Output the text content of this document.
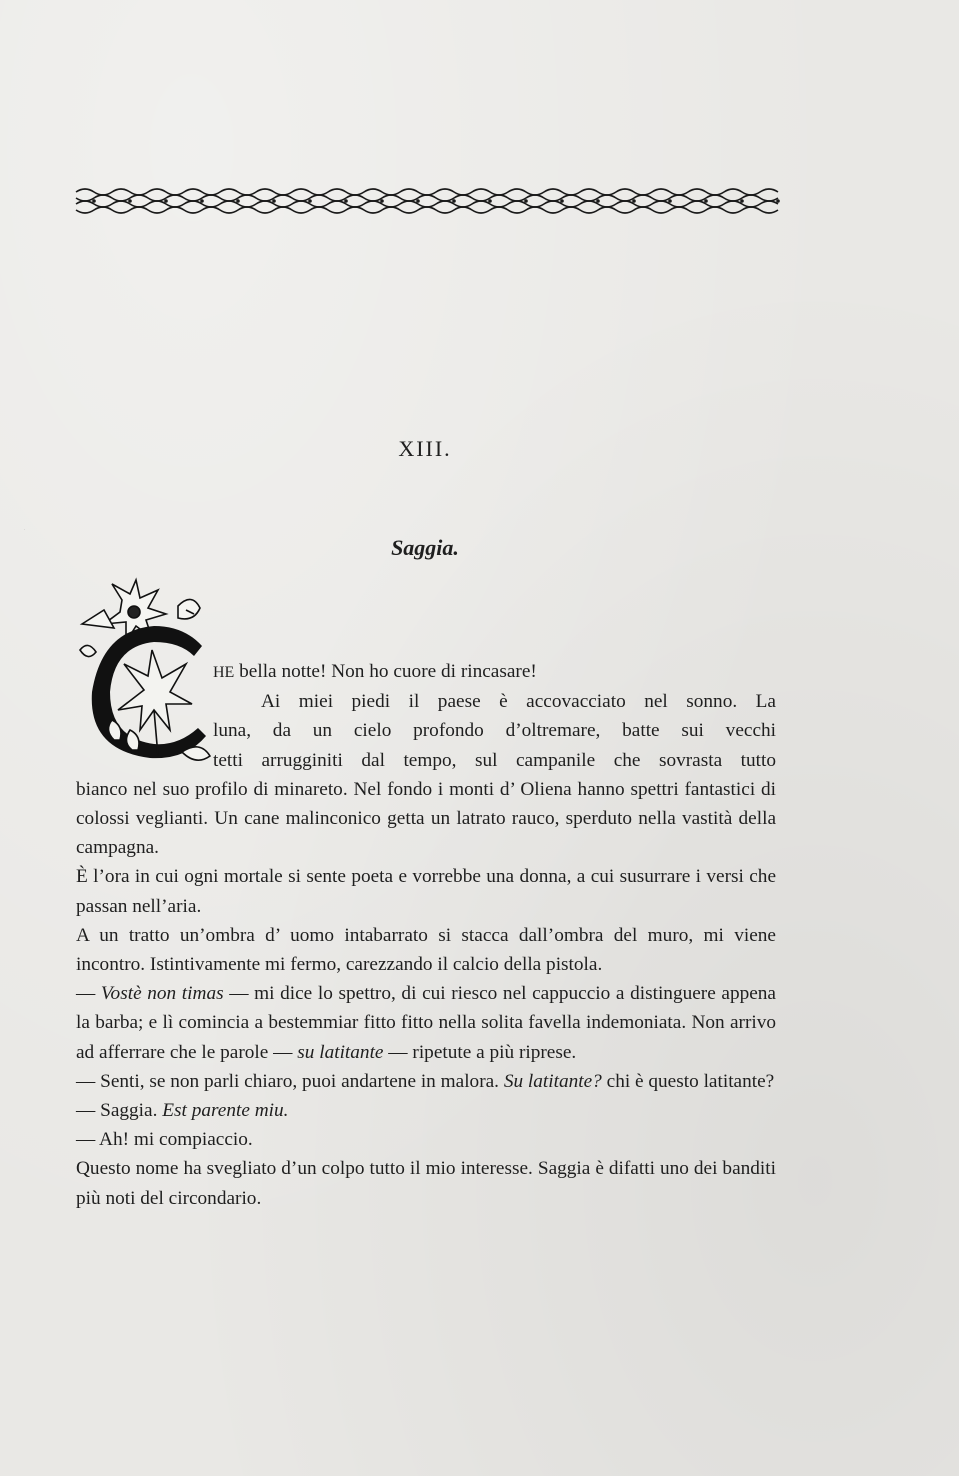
XIII.
Saggia.
C

HE bella notte! Non ho cuore di rincasare!
Ai miei piedi il paese è accovacciato nel sonno. La
luna, da un cielo profondo d’oltremare, batte sui vecchi
tetti arrugginiti dal tempo, sul campanile che sovrasta tutto
bianco nel suo profilo di minareto. Nel fondo i monti d’ Oliena hanno spettri fantastici di colossi veglianti. Un cane malinconico getta un latrato rauco, sperduto nella vastità della campagna.

È l’ora in cui ogni mortale si sente poeta e vorrebbe una donna, a cui susurrare i versi che passan nell’aria.

A un tratto un’ombra d’ uomo intabarrato si stacca dall’ombra del muro, mi viene incontro. Istintivamente mi fermo, carezzando il calcio della pistola.

— Vostè non timas — mi dice lo spettro, di cui riesco nel cappuccio a distinguere appena la barba; e lì comincia a bestemmiar fitto fitto nella solita favella indemoniata. Non arrivo ad afferrare che le parole — su latitante — ripetute a più riprese.

— Senti, se non parli chiaro, puoi andartene in malora. Su latitante? chi è questo latitante?

— Saggia. Est parente miu.

— Ah! mi compiaccio.

Questo nome ha svegliato d’un colpo tutto il mio interesse. Saggia è difatti uno dei banditi più noti del circondario.
